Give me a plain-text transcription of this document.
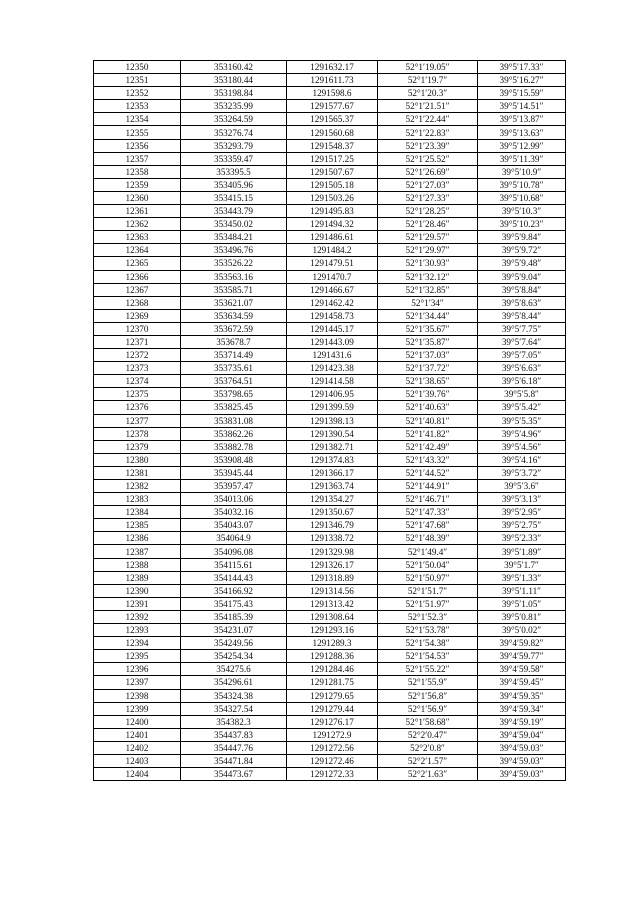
12350	353160.42	1291632.17	52°1′19.05″	39°5′17.33″
12351	353180.44	1291611.73	52°1′19.7″	39°5′16.27″
12352	353198.84	1291598.6	52°1′20.3″	39°5′15.59″
12353	353235.99	1291577.67	52°1′21.51″	39°5′14.51″
12354	353264.59	1291565.37	52°1′22.44″	39°5′13.87″
12355	353276.74	1291560.68	52°1′22.83″	39°5′13.63″
12356	353293.79	1291548.37	52°1′23.39″	39°5′12.99″
12357	353359.47	1291517.25	52°1′25.52″	39°5′11.39″
12358	353395.5	1291507.67	52°1′26.69″	39°5′10.9″
12359	353405.96	1291505.18	52°1′27.03″	39°5′10.78″
12360	353415.15	1291503.26	52°1′27.33″	39°5′10.68″
12361	353443.79	1291495.83	52°1′28.25″	39°5′10.3″
12362	353450.02	1291494.32	52°1′28.46″	39°5′10.23″
12363	353484.21	1291486.61	52°1′29.57″	39°5′9.84″
12364	353496.76	1291484.2	52°1′29.97″	39°5′9.72″
12365	353526.22	1291479.51	52°1′30.93″	39°5′9.48″
12366	353563.16	1291470.7	52°1′32.12″	39°5′9.04″
12367	353585.71	1291466.67	52°1′32.85″	39°5′8.84″
12368	353621.07	1291462.42	52°1′34″	39°5′8.63″
12369	353634.59	1291458.73	52°1′34.44″	39°5′8.44″
12370	353672.59	1291445.17	52°1′35.67″	39°5′7.75″
12371	353678.7	1291443.09	52°1′35.87″	39°5′7.64″
12372	353714.49	1291431.6	52°1′37.03″	39°5′7.05″
12373	353735.61	1291423.38	52°1′37.72″	39°5′6.63″
12374	353764.51	1291414.58	52°1′38.65″	39°5′6.18″
12375	353798.65	1291406.95	52°1′39.76″	39°5′5.8″
12376	353825.45	1291399.59	52°1′40.63″	39°5′5.42″
12377	353831.08	1291398.13	52°1′40.81″	39°5′5.35″
12378	353862.26	1291390.54	52°1′41.82″	39°5′4.96″
12379	353882.78	1291382.71	52°1′42.49″	39°5′4.56″
12380	353908.48	1291374.83	52°1′43.32″	39°5′4.16″
12381	353945.44	1291366.17	52°1′44.52″	39°5′3.72″
12382	353957.47	1291363.74	52°1′44.91″	39°5′3.6″
12383	354013.06	1291354.27	52°1′46.71″	39°5′3.13″
12384	354032.16	1291350.67	52°1′47.33″	39°5′2.95″
12385	354043.07	1291346.79	52°1′47.68″	39°5′2.75″
12386	354064.9	1291338.72	52°1′48.39″	39°5′2.33″
12387	354096.08	1291329.98	52°1′49.4″	39°5′1.89″
12388	354115.61	1291326.17	52°1′50.04″	39°5′1.7″
12389	354144.43	1291318.89	52°1′50.97″	39°5′1.33″
12390	354166.92	1291314.56	52°1′51.7″	39°5′1.11″
12391	354175.43	1291313.42	52°1′51.97″	39°5′1.05″
12392	354185.39	1291308.64	52°1′52.3″	39°5′0.81″
12393	354231.07	1291293.16	52°1′53.78″	39°5′0.02″
12394	354249.56	1291289.3	52°1′54.38″	39°4′59.82″
12395	354254.34	1291288.36	52°1′54.53″	39°4′59.77″
12396	354275.6	1291284.46	52°1′55.22″	39°4′59.58″
12397	354296.61	1291281.75	52°1′55.9″	39°4′59.45″
12398	354324.38	1291279.65	52°1′56.8″	39°4′59.35″
12399	354327.54	1291279.44	52°1′56.9″	39°4′59.34″
12400	354382.3	1291276.17	52°1′58.68″	39°4′59.19″
12401	354437.83	1291272.9	52°2′0.47″	39°4′59.04″
12402	354447.76	1291272.56	52°2′0.8″	39°4′59.03″
12403	354471.84	1291272.46	52°2′1.57″	39°4′59.03″
12404	354473.67	1291272.33	52°2′1.63″	39°4′59.03″
